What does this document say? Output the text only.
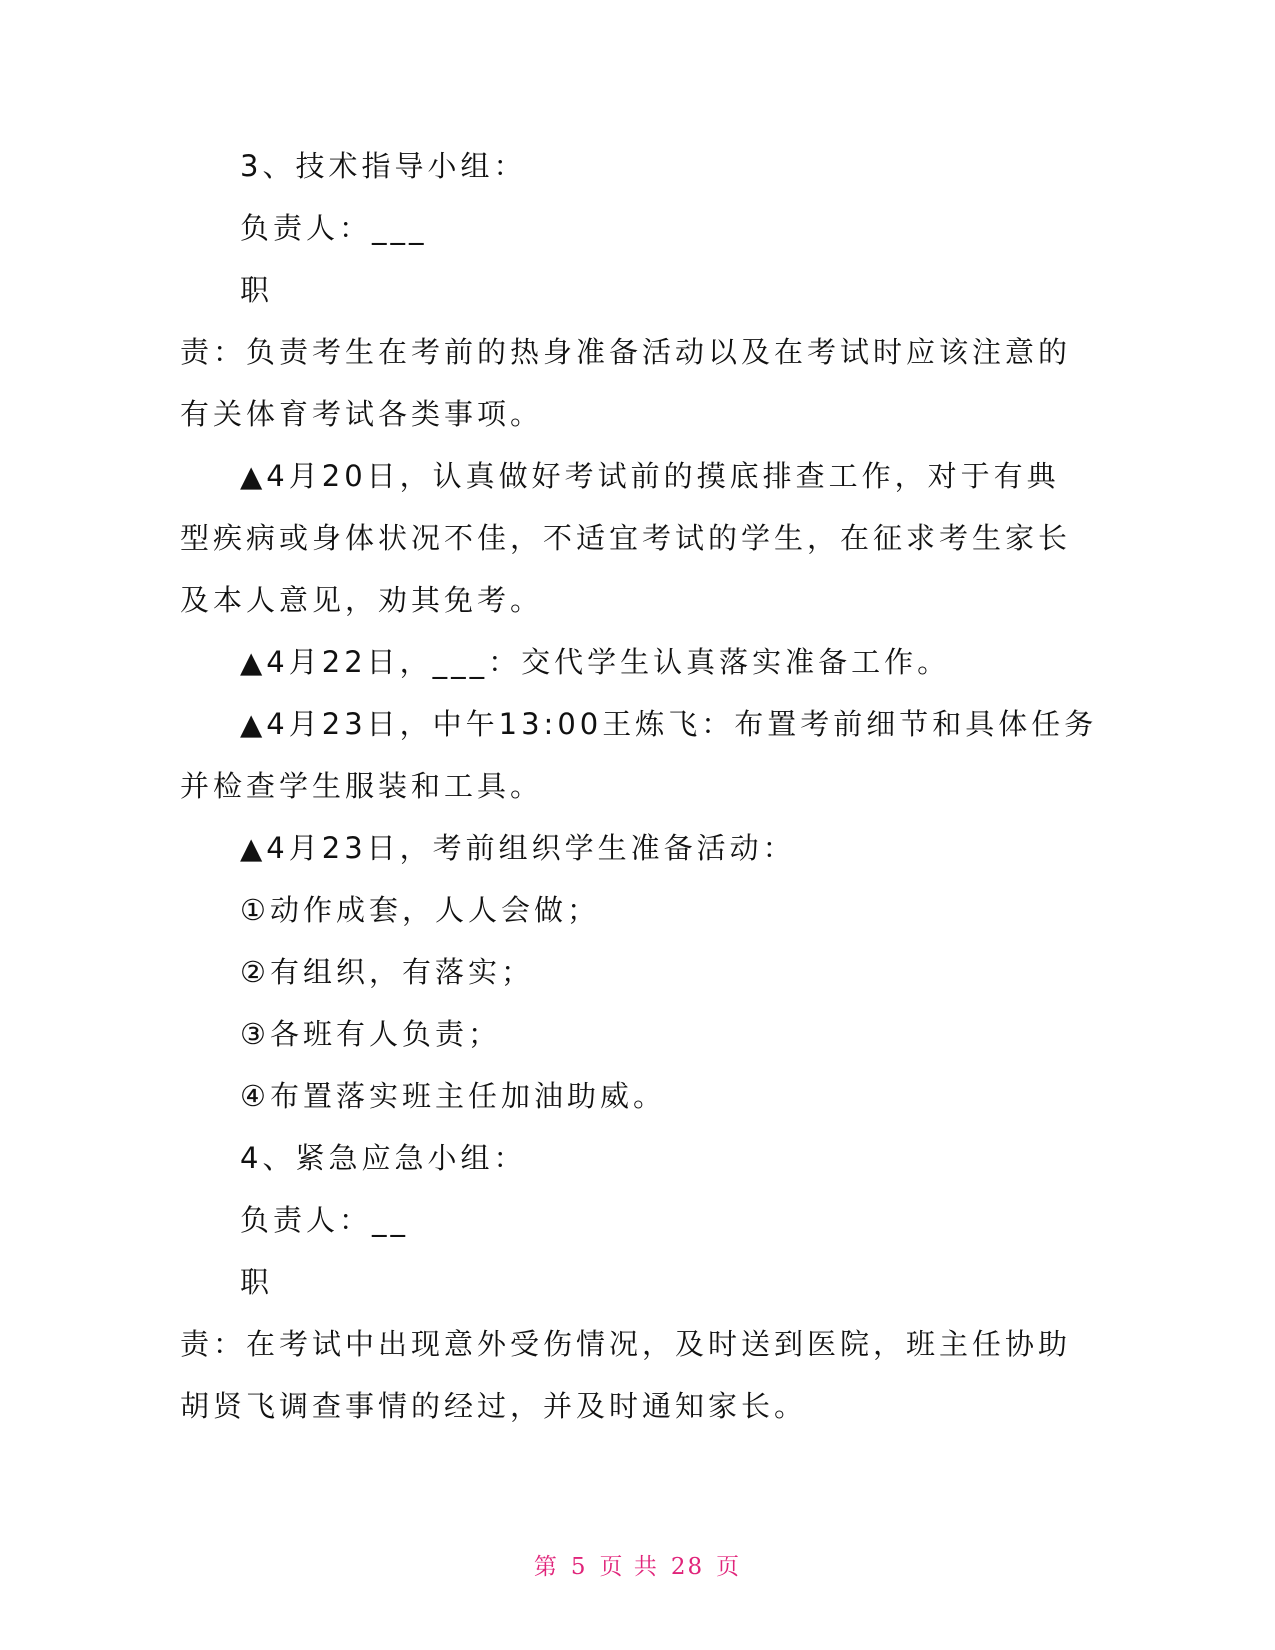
3、技术指导小组：
负责人：___
职
责：负责考生在考前的热身准备活动以及在考试时应该注意的
有关体育考试各类事项。
▲4月20日，认真做好考试前的摸底排查工作，对于有典
型疾病或身体状况不佳，不适宜考试的学生，在征求考生家长
及本人意见，劝其免考。
▲4月22日，___：交代学生认真落实准备工作。
▲4月23日，中午13:00王炼飞：布置考前细节和具体任务
并检查学生服装和工具。
▲4月23日，考前组织学生准备活动：
①动作成套，人人会做；
②有组织，有落实；
③各班有人负责；
④布置落实班主任加油助威。
4、紧急应急小组：
负责人：__
职
责：在考试中出现意外受伤情况，及时送到医院，班主任协助
胡贤飞调查事情的经过，并及时通知家长。
第 5 页 共 28 页
